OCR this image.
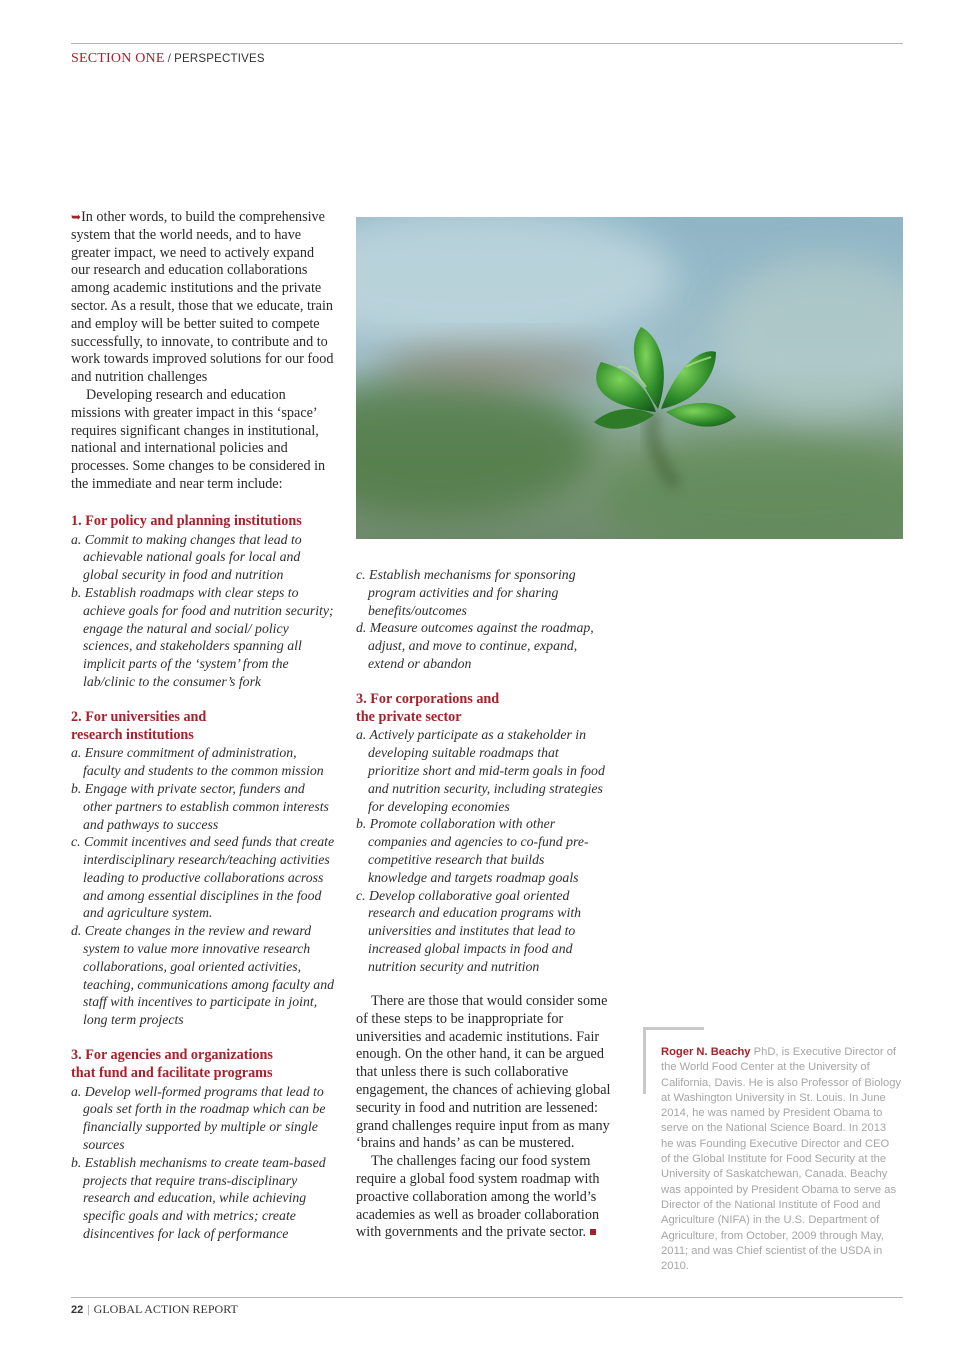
SECTION ONE / PERSPECTIVES

➥In other words, to build the comprehensive system that the world needs, and to have greater impact, we need to actively expand our research and education collaborations among academic institutions and the private sector. As a result, those that we educate, train and employ will be better suited to compete successfully, to innovate, to contribute and to work towards improved solutions for our food and nutrition challenges

Developing research and education missions with greater impact in this ‘space’ requires significant changes in institutional, national and international policies and processes. Some changes to be considered in the immediate and near term include:

1. For policy and planning institutions

a. Commit to making changes that lead to achievable national goals for local and global security in food and nutrition
b. Establish roadmaps with clear steps to achieve goals for food and nutrition security; engage the natural and social/ policy sciences, and stakeholders spanning all implicit parts of the ‘system’ from the lab/clinic to the consumer’s fork

2. For universities and
research institutions

a. Ensure commitment of administration, faculty and students to the common mission
b. Engage with private sector, funders and other partners to establish common interests and pathways to success
c. Commit incentives and seed funds that create interdisciplinary research/teaching activities leading to productive collaborations across and among essential disciplines in the food and agriculture system.
d. Create changes in the review and reward system to value more innovative research collaborations, goal oriented activities, teaching, communications among faculty and staff with incentives to participate in joint, long term projects

3. For agencies and organizations
that fund and facilitate programs

a. Develop well-formed programs that lead to goals set forth in the roadmap which can be financially supported by multiple or single sources
b. Establish mechanisms to create team-based projects that require trans-disciplinary research and education, while achieving specific goals and with metrics; create disincentives for lack of performance
c. Establish mechanisms for sponsoring program activities and for sharing benefits/outcomes
d. Measure outcomes against the roadmap, adjust, and move to continue, expand, extend or abandon

3. For corporations and
the private sector

a. Actively participate as a stakeholder in developing suitable roadmaps that prioritize short and mid-term goals in food and nutrition security, including strategies for developing economies
b. Promote collaboration with other companies and agencies to co-fund pre-competitive research that builds knowledge and targets roadmap goals
c. Develop collaborative goal oriented research and education programs with universities and institutes that lead to increased global impacts in food and nutrition security and nutrition

There are those that would consider some of these steps to be inappropriate for universities and academic institutions. Fair enough. On the other hand, it can be argued that unless there is such collaborative engagement, the chances of achieving global security in food and nutrition are lessened: grand challenges require input from as many ‘brains and hands’ as can be mustered.

The challenges facing our food system require a global food system roadmap with proactive collaboration among the world’s academies as well as broader collaboration with governments and the private sector.

Roger N. Beachy PhD, is Executive Director of the World Food Center at the University of California, Davis. He is also Professor of Biology at Washington University in St. Louis. In June 2014, he was named by President Obama to serve on the National Science Board. In 2013 he was Founding Executive Director and CEO of the Global Institute for Food Security at the University of Saskatchewan, Canada. Beachy was appointed by President Obama to serve as Director of the National Institute of Food and Agriculture (NIFA) in the U.S. Department of Agriculture, from October, 2009 through May, 2011; and was Chief scientist of the USDA in 2010.

22 | GLOBAL ACTION REPORT
